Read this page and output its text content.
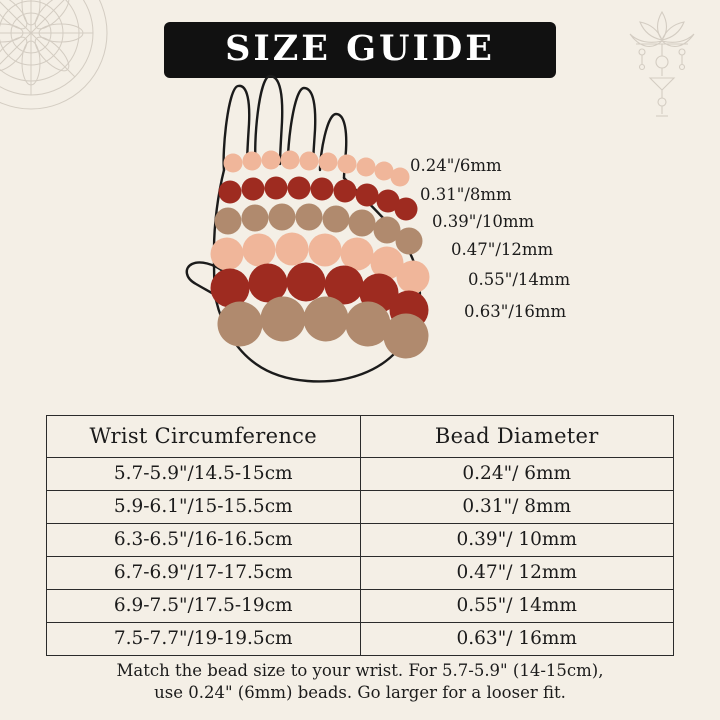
SIZE GUIDE
0.24"/6mm
0.31"/8mm
0.39"/10mm
0.47"/12mm
0.55"/14mm
0.63"/16mm
Wrist Circumference	Bead Diameter
5.7-5.9"/14.5-15cm	0.24"/ 6mm
5.9-6.1"/15-15.5cm	0.31"/ 8mm
6.3-6.5"/16-16.5cm	0.39"/ 10mm
6.7-6.9"/17-17.5cm	0.47"/ 12mm
6.9-7.5"/17.5-19cm	0.55"/ 14mm
7.5-7.7"/19-19.5cm	0.63"/ 16mm
Match the bead size to your wrist. For 5.7-5.9" (14-15cm),
use 0.24" (6mm) beads. Go larger for a looser fit.
